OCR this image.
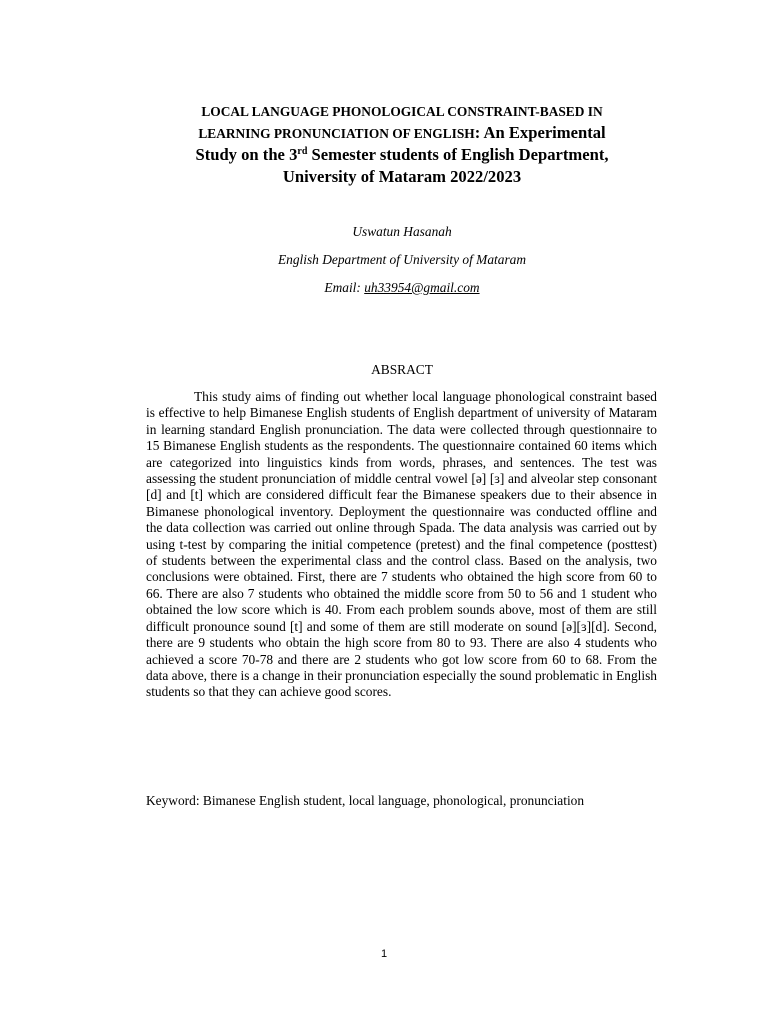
LOCAL LANGUAGE PHONOLOGICAL CONSTRAINT-BASED IN
LEARNING PRONUNCIATION OF ENGLISH: An Experimental
Study on the 3rd Semester students of English Department,
University of Mataram 2022/2023
Uswatun Hasanah
English Department of University of Mataram
Email: uh33954@gmail.com
ABSRACT

This study aims of finding out whether local language phonological constraint based is effective to help Bimanese English students of English department of university of Mataram in learning standard English pronunciation. The data were collected through questionnaire to 15 Bimanese English students as the respondents. The questionnaire contained 60 items which are categorized into linguistics kinds from words, phrases, and sentences. The test was assessing the student pronunciation of middle central vowel [ə] [ɜ] and alveolar step consonant [d] and [t] which are considered difficult fear the Bimanese speakers due to their absence in Bimanese phonological inventory. Deployment the questionnaire was conducted offline and the data collection was carried out online through Spada. The data analysis was carried out by using t-test by comparing the initial competence (pretest) and the final competence (posttest) of students between the experimental class and the control class. Based on the analysis, two conclusions were obtained. First, there are 7 students who obtained the high score from 60 to 66. There are also 7 students who obtained the middle score from 50 to 56 and 1 student who obtained the low score which is 40. From each problem sounds above, most of them are still difficult pronounce sound [t] and some of them are still moderate on sound [ə][ɜ][d]. Second, there are 9 students who obtain the high score from 80 to 93. There are also 4 students who achieved a score 70-78 and there are 2 students who got low score from 60 to 68. From the data above, there is a change in their pronunciation especially the sound problematic in English students so that they can achieve good scores.

Keyword: Bimanese English student, local language, phonological, pronunciation
1
